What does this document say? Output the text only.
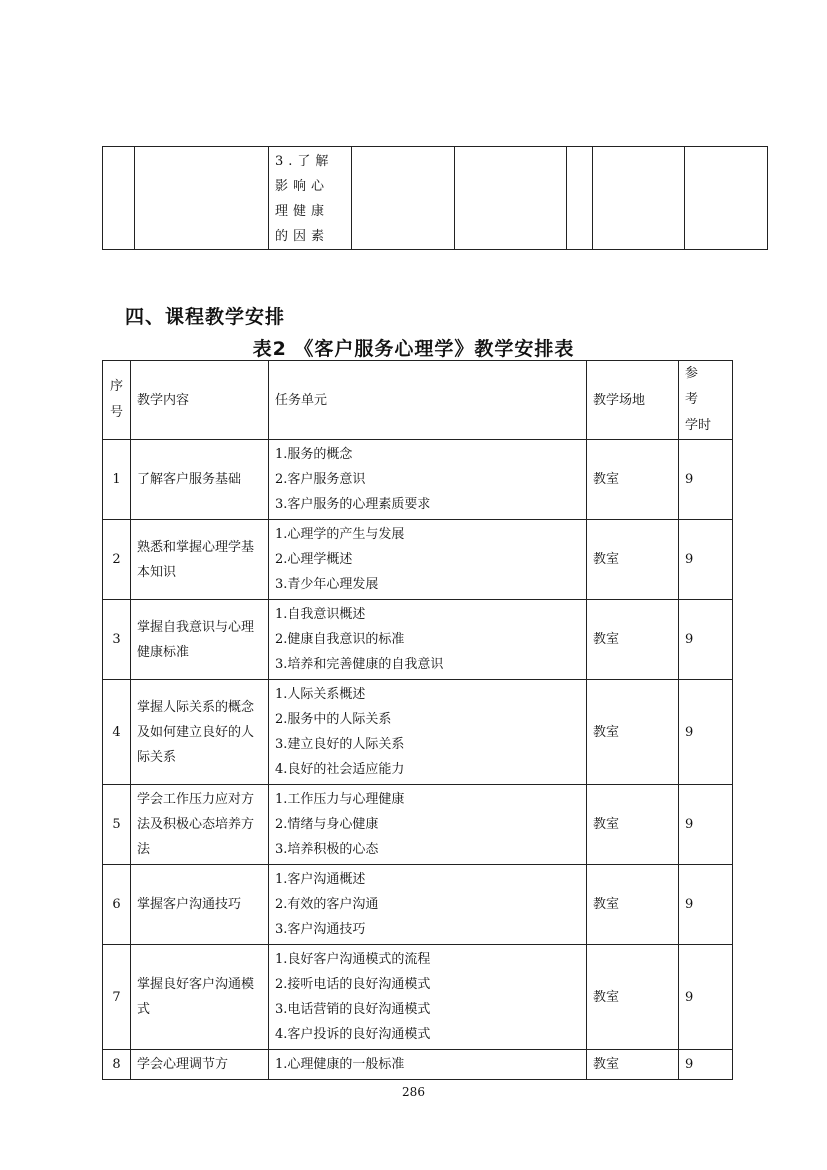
		3.了解影响心理健康的因素					
四、课程教学安排
表2 《客户服务心理学》教学安排表
序
号	教学内容	任务单元	教学场地	参考
学时

1	了解客户服务基础	1.服务的概念
2.客户服务意识
3.客户服务的心理素质要求	教室	9
2	熟悉和掌握心理学基本知识	1.心理学的产生与发展
2.心理学概述
3.青少年心理发展	教室	9
3	掌握自我意识与心理健康标准	1.自我意识概述
2.健康自我意识的标准
3.培养和完善健康的自我意识	教室	9
4	掌握人际关系的概念及如何建立良好的人际关系	1.人际关系概述
2.服务中的人际关系
3.建立良好的人际关系
4.良好的社会适应能力	教室	9
5	学会工作压力应对方法及积极心态培养方法	1.工作压力与心理健康
2.情绪与身心健康
3.培养积极的心态	教室	9
6	掌握客户沟通技巧	1.客户沟通概述
2.有效的客户沟通
3.客户沟通技巧	教室	9
7	掌握良好客户沟通模式	1.良好客户沟通模式的流程
2.接听电话的良好沟通模式
3.电话营销的良好沟通模式
4.客户投诉的良好沟通模式	教室	9
8	学会心理调节方	1.心理健康的一般标准	教室	9
286
